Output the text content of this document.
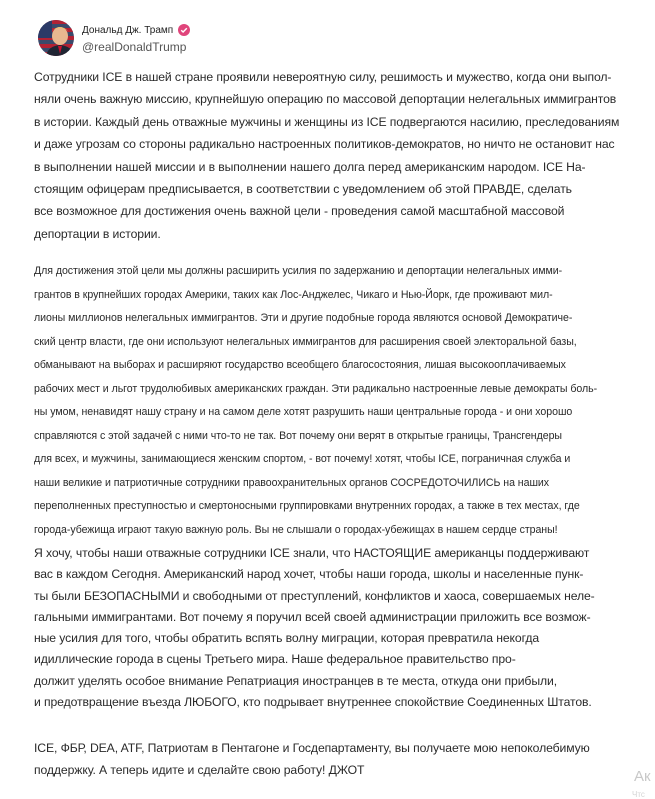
Дональд Дж. Трамп
@realDonaldTrump

Сотрудники ICE в нашей стране проявили невероятную силу, решимость и мужество, когда они выпол-

няли очень важную миссию, крупнейшую операцию по массовой депортации нелегальных иммигрантов

в истории. Каждый день отважные мужчины и женщины из ICE подвергаются насилию, преследованиям

и даже угрозам со стороны радикально настроенных политиков-демократов, но ничто не остановит нас

в выполнении нашей миссии и в выполнении нашего долга перед американским народом. ICE На-

стоящим офицерам предписывается, в соответствии с уведомлением об этой ПРАВДЕ, сделать

все возможное для достижения очень важной цели - проведения самой масштабной массовой

депортации в истории.

Для достижения этой цели мы должны расширить усилия по задержанию и депортации нелегальных имми-

грантов в крупнейших городах Америки, таких как Лос-Анджелес, Чикаго и Нью-Йорк, где проживают мил-

лионы миллионов нелегальных иммигрантов. Эти и другие подобные города являются основой Демократиче-

ский центр власти, где они используют нелегальных иммигрантов для расширения своей электоральной базы,

обманывают на выборах и расширяют государство всеобщего благосостояния, лишая высокооплачиваемых

рабочих мест и льгот трудолюбивых американских граждан. Эти радикально настроенные левые демократы боль-

ны умом, ненавидят нашу страну и на самом деле хотят разрушить наши центральные города - и они хорошо

справляются с этой задачей с ними что-то не так. Вот почему они верят в открытые границы, Трансгендеры

для всех, и мужчины, занимающиеся женским спортом, - вот почему! хотят, чтобы ICE, пограничная служба и

наши великие и патриотичные сотрудники правоохранительных органов СОСРЕДОТОЧИЛИСЬ на наших

переполненных преступностью и смертоносными группировками внутренних городах, а также в тех местах, где

города-убежища играют такую важную роль. Вы не слышали о городах-убежищах в нашем сердце страны!

Я хочу, чтобы наши отважные сотрудники ICE знали, что НАСТОЯЩИЕ американцы поддерживают

вас в каждом Сегодня. Американский народ хочет, чтобы наши города, школы и населенные пунк-

ты были БЕЗОПАСНЫМИ и свободными от преступлений, конфликтов и хаоса, совершаемых неле-

гальными иммигрантами. Вот почему я поручил всей своей администрации приложить все возмож-

ные усилия для того, чтобы обратить вспять волну миграции, которая превратила некогда

идиллические города в сцены Третьего мира. Наше федеральное правительство про-

должит уделять особое внимание Репатриация иностранцев в те места, откуда они прибыли,

и предотвращение въезда ЛЮБОГО, кто подрывает внутреннее спокойствие Соединенных Штатов.

ICE, ФБР, DEA, ATF, Патриотам в Пентагоне и Госдепартаменту, вы получаете мою непоколебимую

поддержку. А теперь идите и сделайте свою работу! ДЖОТ	Ак
Чтс
